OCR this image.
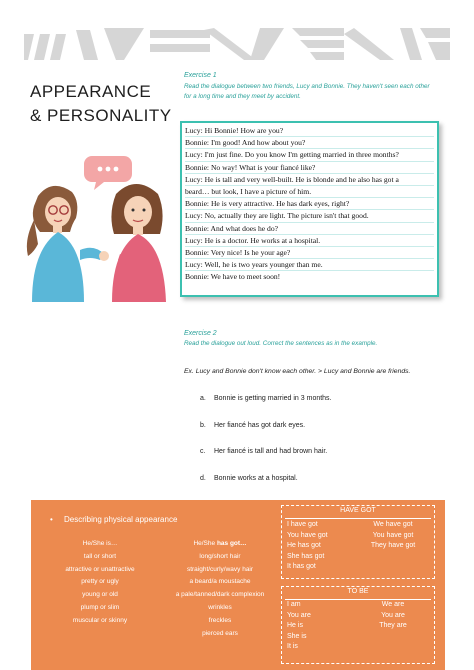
APPEARANCE
& PERSONALITY
Exercise 1
Read the dialogue between two friends, Lucy and Bonnie. They haven't seen each other
for a long time and they meet by accident.
Lucy: Hi Bonnie! How are you?
Bonnie: I'm good! And how about you?
Lucy: I'm just fine. Do you know I'm getting married in three months?
Bonnie: No way! What is your fiancé like?
Lucy: He is tall and very well-built. He is blonde and he also has got a
beard… but look, I have a picture of him.
Bonnie: He is very attractive. He has dark eyes, right?
Lucy: No, actually they are light. The picture isn't that good.
Bonnie: And what does he do?
Lucy: He is a doctor. He works at a hospital.
Bonnie: Very nice! Is he your age?
Lucy: Well, he is two years younger than me.
Bonnie: We have to meet soon!
Exercise 2
Read the dialogue out loud. Correct the sentences as in the example.
Ex. Lucy and Bonnie don't know each other. > Lucy and Bonnie are friends.
a. Bonnie is getting married in 3 months.
b. Her fiancé has got dark eyes.
c. Her fiancé is tall and had brown hair.
d. Bonnie works at a hospital.
• Describing physical appearance
He/She is…
tall or short
attractive or unattractive
pretty or ugly
young or old
plump or slim
muscular or skinny
He/She has got…
long/short hair
straight/curly/wavy hair
a beard/a moustache
a pale/tanned/dark complexion
wrinkles
freckles
pierced ears
HAVE GOT
I have got
You have got
He has got
She has got
It has got
We have got
You have got
They have got
TO BE
I am
You are
He is
She is
It is
We are
You are
They are
